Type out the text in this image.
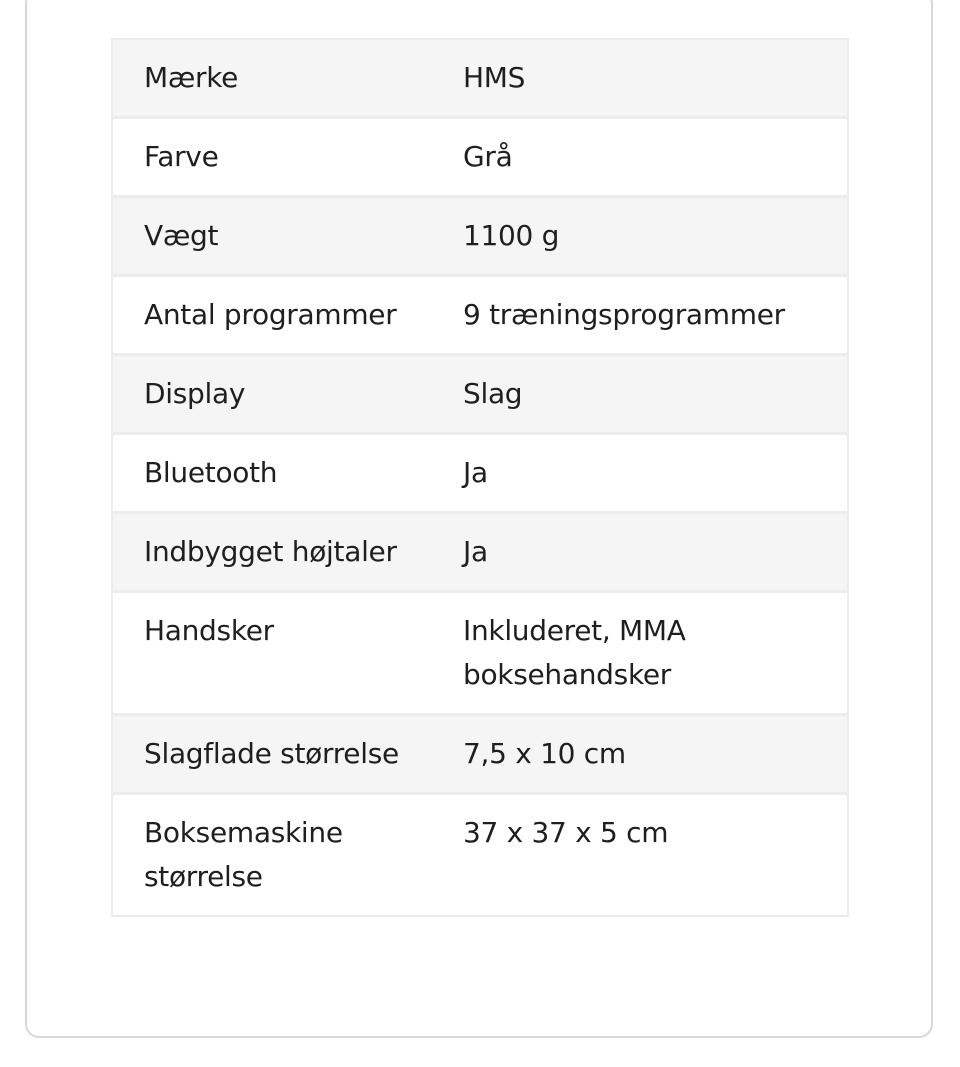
Mærke	HMS
Farve	Grå
Vægt	1100 g
Antal programmer	9 træningsprogrammer
Display	Slag
Bluetooth	Ja
Indbygget højtaler	Ja
Handsker	Inkluderet, MMA boksehandsker
Slagflade størrelse	7,5 x 10 cm
Boksemaskine størrelse	37 x 37 x 5 cm
